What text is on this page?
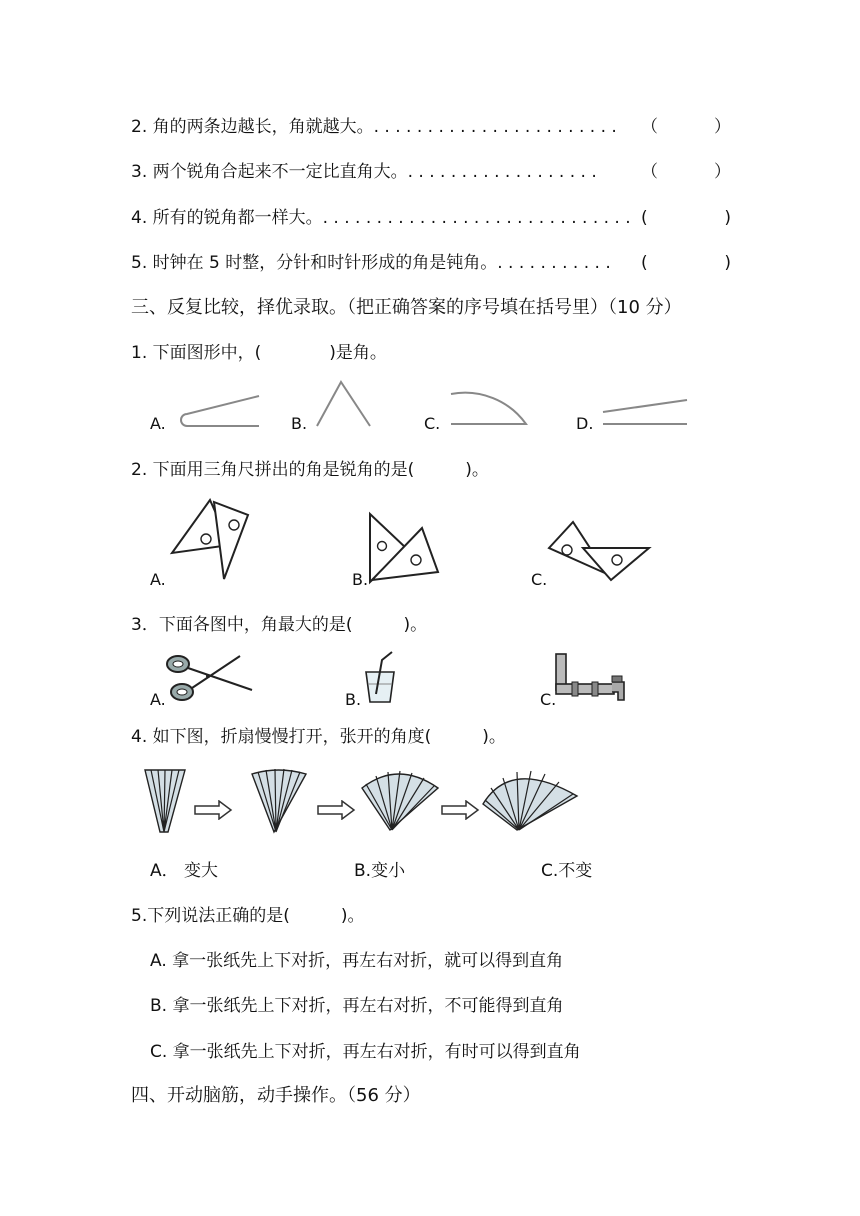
2. 角的两条边越长，角就越大。. . . . . . . . . . . . . . . . . . . . . . . （	）
3. 两个锐角合起来不一定比直角大。. . . . . . . . . . . . . . . . . .	（	）
4. 所有的锐角都一样大。. . . . . . . . . . . . . . . . . . . . . . . . . . . . . (	)
5. 时钟在 5 时整，分针和时针形成的角是钝角。. . . . . . . . . . . (	)
三、反复比较，择优录取。（把正确答案的序号填在括号里）（10 分）
1. 下面图形中，(　　　　)是角。
A.	B.	C.	D.
2. 下面用三角尺拼出的角是锐角的是(　　　)。
A.	B.	C.
3．下面各图中，角最大的是(　　　)。
A.	B.	C.
4. 如下图，折扇慢慢打开，张开的角度(　　　)。
A． 变大	B.变小	C.不变
5.下列说法正确的是(　　　)。
A. 拿一张纸先上下对折，再左右对折，就可以得到直角
B. 拿一张纸先上下对折，再左右对折，不可能得到直角
C. 拿一张纸先上下对折，再左右对折，有时可以得到直角
四、开动脑筋，动手操作。（56 分）
